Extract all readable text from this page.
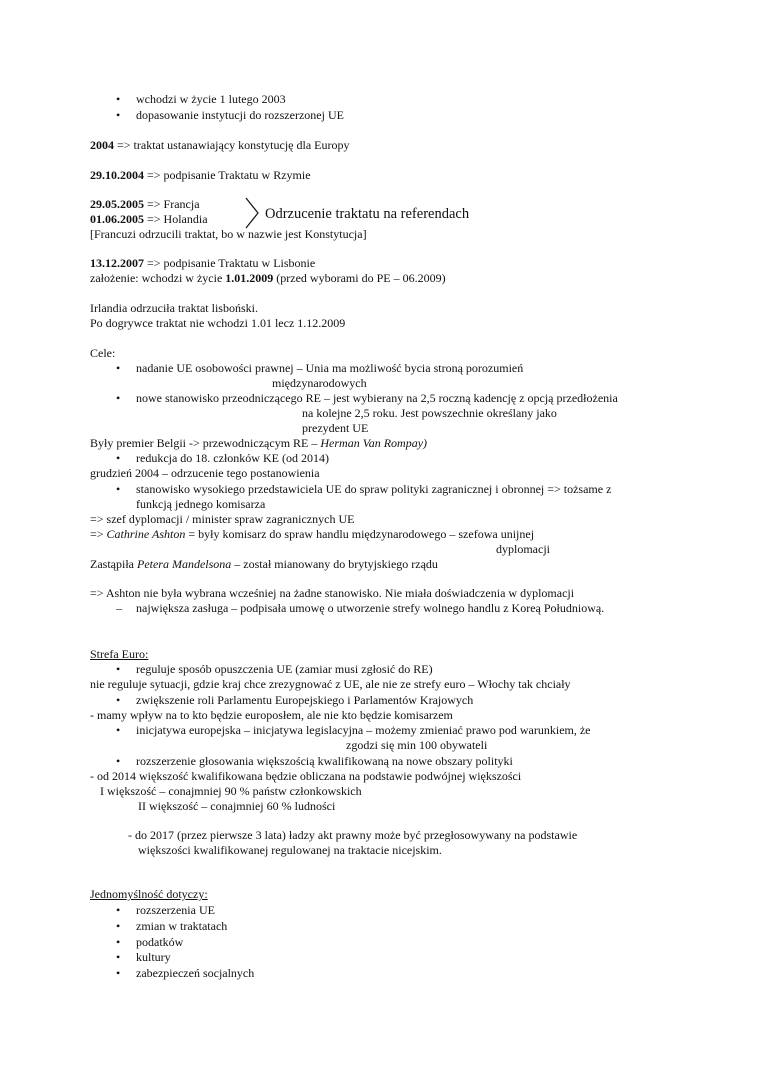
• wchodzi w życie 1 lutego 2003
• dopasowanie instytucji do rozszerzonej UE
2004 => traktat ustanawiający konstytucję dla Europy
29.10.2004 => podpisanie Traktatu w Rzymie
29.05.2005 => Francja
01.06.2005 => Holandia	Odrzucenie traktatu na referendach
[Francuzi odrzucili traktat, bo w nazwie jest Konstytucja]
13.12.2007 => podpisanie Traktatu w Lisbonie
założenie: wchodzi w życie 1.01.2009 (przed wyborami do PE – 06.2009)
Irlandia odrzuciła traktat lisboński.
Po dogrywce traktat nie wchodzi 1.01 lecz 1.12.2009
Cele:
• nadanie UE osobowości prawnej – Unia ma możliwość bycia stroną porozumień
międzynarodowych
• nowe stanowisko przeodniczącego RE – jest wybierany na 2,5 roczną kadencję z opcją przedłożenia
na kolejne 2,5 roku. Jest powszechnie określany jako
prezydent UE
Były premier Belgii -> przewodniczącym RE – Herman Van Rompay)
• redukcja do 18. członków KE (od 2014)
grudzień 2004 – odrzucenie tego postanowienia
• stanowisko wysokiego przedstawiciela UE do spraw polityki zagranicznej i obronnej => tożsame z
funkcją jednego komisarza
=> szef dyplomacji / minister spraw zagranicznych UE
=> Cathrine Ashton = były komisarz do spraw handlu międzynarodowego – szefowa unijnej
dyplomacji
Zastąpiła Petera Mandelsona – został mianowany do brytyjskiego rządu
=> Ashton nie była wybrana wcześniej na żadne stanowisko. Nie miała doświadczenia w dyplomacji
– największa zasługa – podpisała umowę o utworzenie strefy wolnego handlu z Koreą Południową.
Strefa Euro:
• reguluje sposób opuszczenia UE (zamiar musi zgłosić do RE)
nie reguluje sytuacji, gdzie kraj chce zrezygnować z UE, ale nie ze strefy euro – Włochy tak chciały
• zwiększenie roli Parlamentu Europejskiego i Parlamentów Krajowych
- mamy wpływ na to kto będzie europosłem, ale nie kto będzie komisarzem
• inicjatywa europejska – inicjatywa legislacyjna – możemy zmieniać prawo pod warunkiem, że
zgodzi się min 100 obywateli
• rozszerzenie głosowania większością kwalifikowaną na nowe obszary polityki
- od 2014 większość kwalifikowana będzie obliczana na podstawie podwójnej większości
I większość – conajmniej 90 % państw członkowskich
II większość – conajmniej 60 % ludności
- do 2017 (przez pierwsze 3 lata) ładzy akt prawny może być przegłosowywany na podstawie
większości kwalifikowanej regulowanej na traktacie nicejskim.
Jednomyślność dotyczy:
• rozszerzenia UE
• zmian w traktatach
• podatków
• kultury
• zabezpieczeń socjalnych
